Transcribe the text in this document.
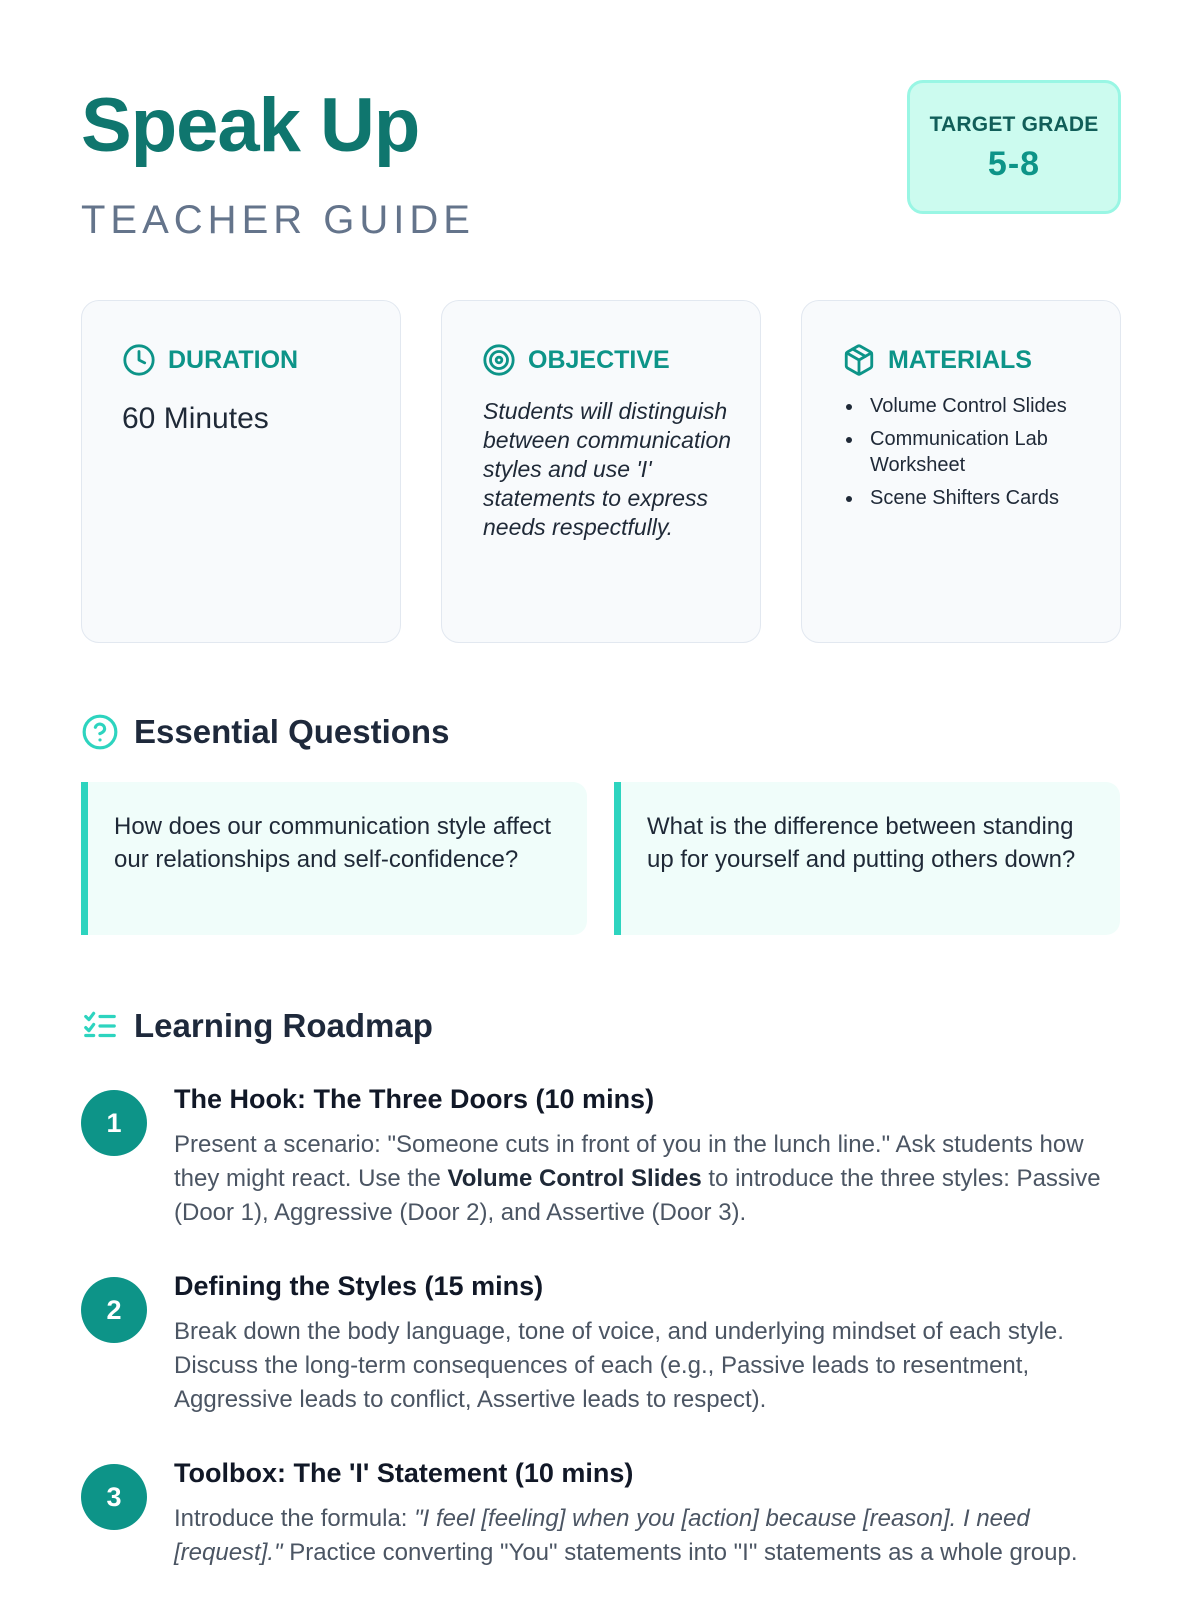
Speak Up
TEACHER GUIDE
TARGET GRADE
5-8
DURATION
60 Minutes
OBJECTIVE

Students will distinguish between communication styles and use 'I' statements to express needs respectfully.

MATERIALS
Volume Control Slides
Communication Lab Worksheet
Scene Shifters Cards
Essential Questions

How does our communication style affect our relationships and self-confidence?

What is the difference between standing up for yourself and putting others down?

Learning Roadmap
1
The Hook: The Three Doors (10 mins)

Present a scenario: "Someone cuts in front of you in the lunch line." Ask students how they might react. Use the Volume Control Slides to introduce the three styles: Passive (Door 1), Aggressive (Door 2), and Assertive (Door 3).

2
Defining the Styles (15 mins)

Break down the body language, tone of voice, and underlying mindset of each style. Discuss the long-term consequences of each (e.g., Passive leads to resentment, Aggressive leads to conflict, Assertive leads to respect).

3
Toolbox: The 'I' Statement (10 mins)

Introduce the formula: "I feel [feeling] when you [action] because [reason]. I need [request]." Practice converting "You" statements into "I" statements as a whole group.
